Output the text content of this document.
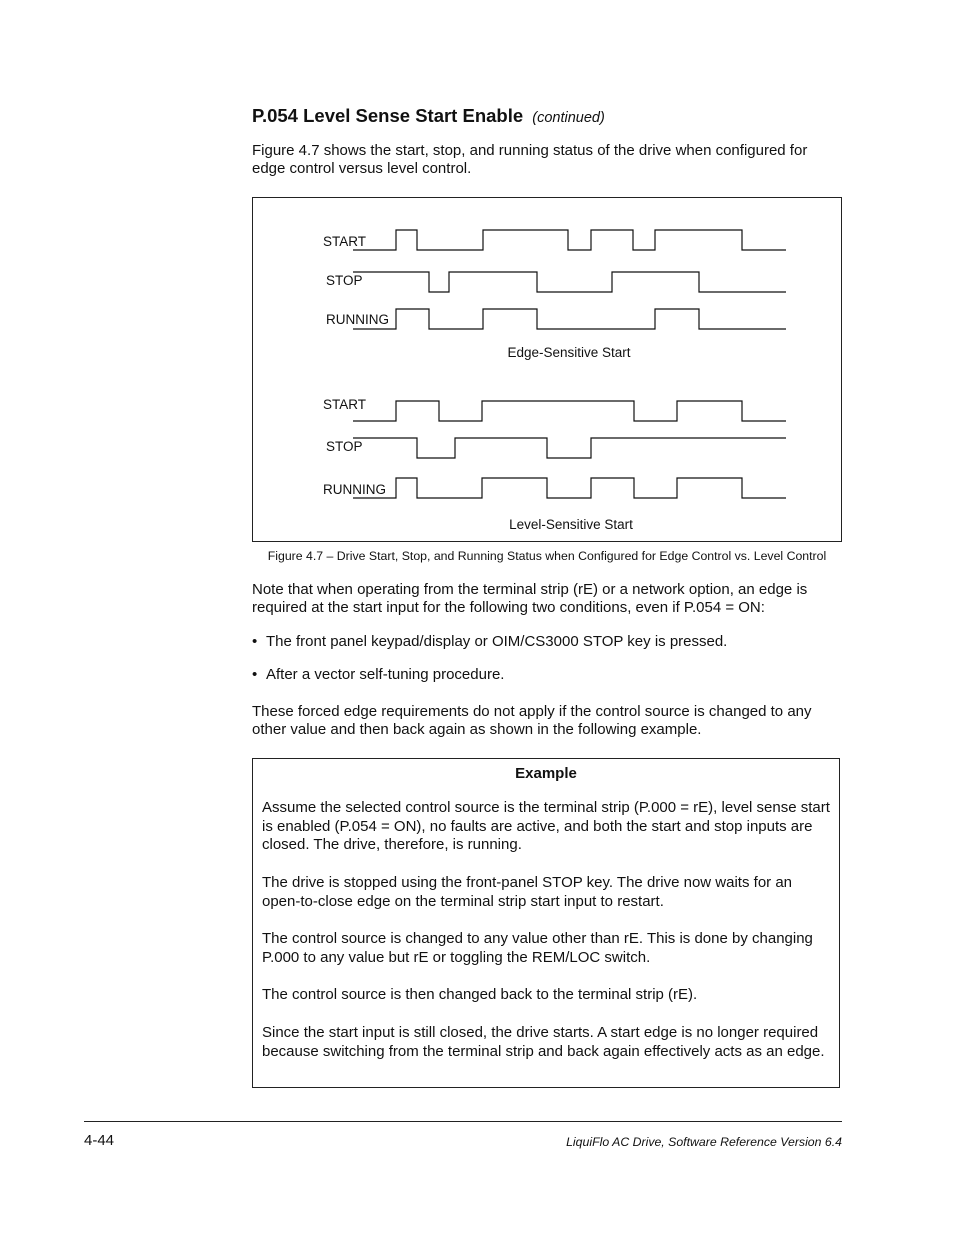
P.054 Level Sense Start Enable (continued)
Figure 4.7 shows the start, stop, and running status of the drive when configured for edge control versus level control.
START
STOP
RUNNING
Edge-Sensitive Start
START
STOP
RUNNING
Level-Sensitive Start
Figure 4.7 – Drive Start, Stop, and Running Status when Configured for Edge Control vs. Level Control
Note that when operating from the terminal strip (rE) or a network option, an edge is required at the start input for the following two conditions, even if P.054 = ON:
• The front panel keypad/display or OIM/CS3000 STOP key is pressed.
• After a vector self-tuning procedure.
These forced edge requirements do not apply if the control source is changed to any other value and then back again as shown in the following example.
Example
Assume the selected control source is the terminal strip (P.000 = rE), level sense start is enabled (P.054 = ON), no faults are active, and both the start and stop inputs are closed. The drive, therefore, is running.
The drive is stopped using the front-panel STOP key. The drive now waits for an open-to-close edge on the terminal strip start input to restart.
The control source is changed to any value other than rE. This is done by changing P.000 to any value but rE or toggling the REM/LOC switch.
The control source is then changed back to the terminal strip (rE).
Since the start input is still closed, the drive starts. A start edge is no longer required because switching from the terminal strip and back again effectively acts as an edge.
4-44	LiquiFlo AC Drive, Software Reference Version 6.4
